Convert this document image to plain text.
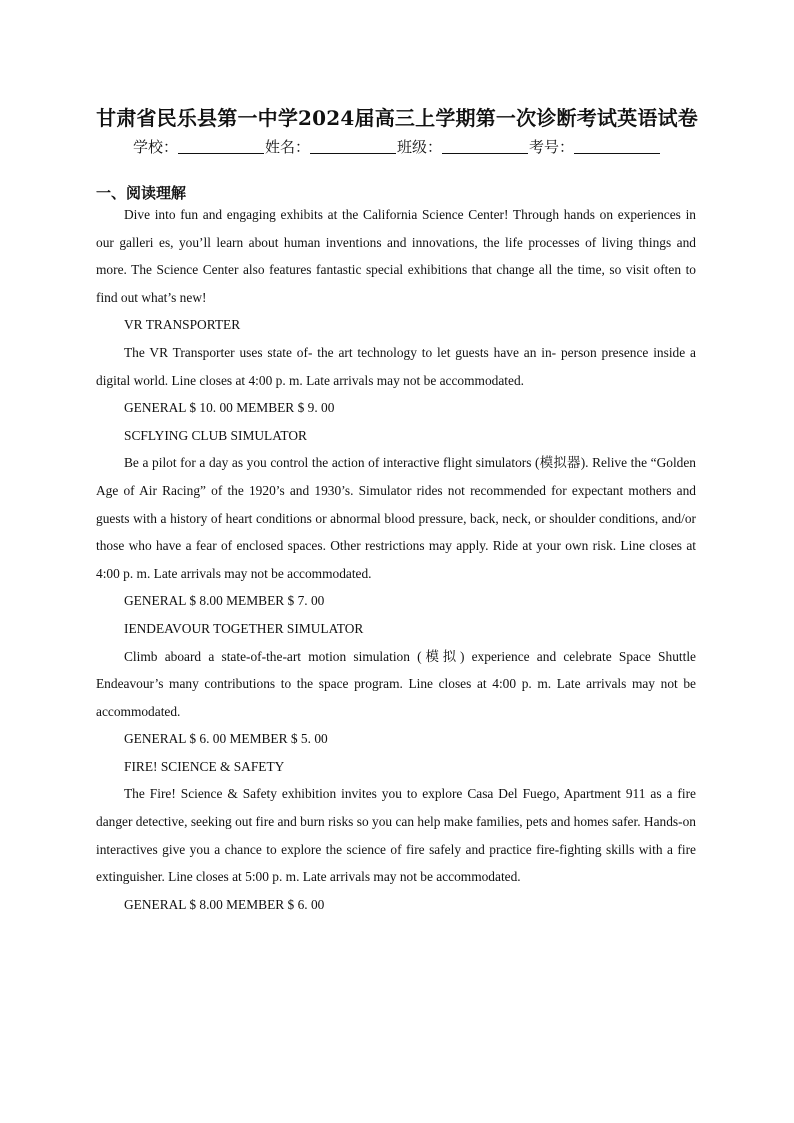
甘肃省民乐县第一中学2024届高三上学期第一次诊断考试英语试卷
学校：	姓名：	班级：	考号：
一、阅读理解

Dive into fun and engaging exhibits at the California Science Center! Through hands on experiences in our galleri es, you’ll learn about human inventions and innovations, the life processes of living things and more. The Science Center also features fantastic special exhibitions that change all the time, so visit often to find out what’s new!

VR TRANSPORTER

The VR Transporter uses state of- the art technology to let guests have an in- person presence inside a digital world. Line closes at 4:00 p. m. Late arrivals may not be accommodated.

GENERAL $ 10. 00 MEMBER $ 9. 00

SCFLYING CLUB SIMULATOR

Be a pilot for a day as you control the action of interactive flight simulators (模拟器). Relive the “Golden Age of Air Racing” of the 1920’s and 1930’s. Simulator rides not recommended for expectant mothers and guests with a history of heart conditions or abnormal blood pressure, back, neck, or shoulder conditions, and/or those who have a fear of enclosed spaces. Other restrictions may apply. Ride at your own risk. Line closes at 4:00 p. m. Late arrivals may not be accommodated.

GENERAL $ 8.00 MEMBER $ 7. 00

IENDEAVOUR TOGETHER SIMULATOR

Climb aboard a state-of-the-art motion simulation (模拟) experience and celebrate Space Shuttle Endeavour’s many contributions to the space program. Line closes at 4:00 p. m. Late arrivals may not be accommodated.

GENERAL $ 6. 00 MEMBER $ 5. 00

FIRE! SCIENCE & SAFETY

The Fire! Science & Safety exhibition invites you to explore Casa Del Fuego, Apartment 911 as a fire danger detective, seeking out fire and burn risks so you can help make families, pets and homes safer. Hands-on interactives give you a chance to explore the science of fire safely and practice fire-fighting skills with a fire extinguisher. Line closes at 5:00 p. m. Late arrivals may not be accommodated.

GENERAL $ 8.00 MEMBER $ 6. 00
